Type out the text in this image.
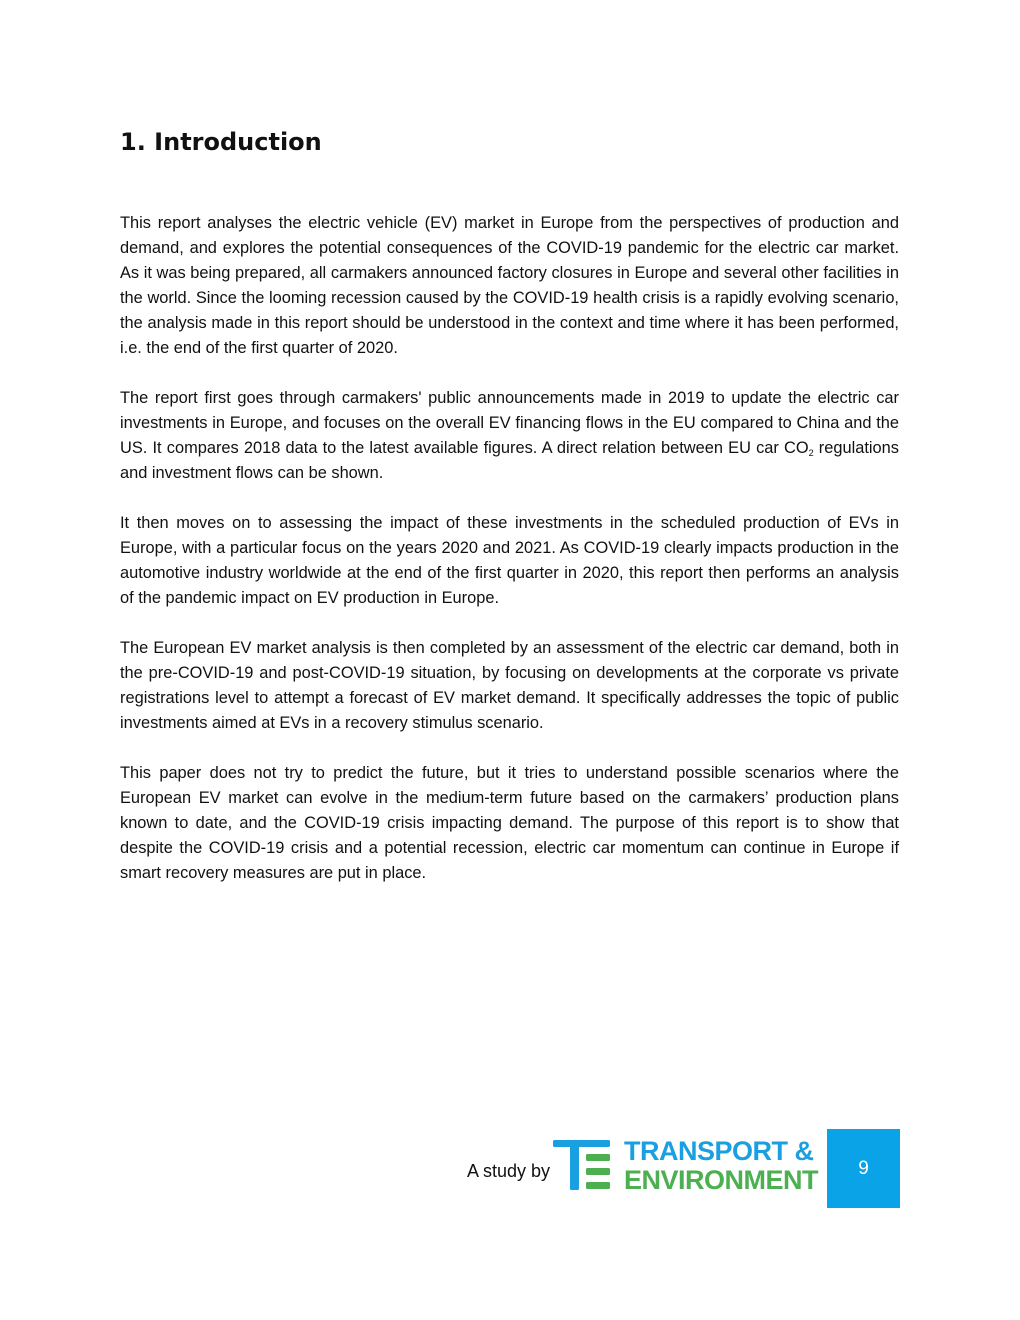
1. Introduction

This report analyses the electric vehicle (EV) market in Europe from the perspectives of production and demand, and explores the potential consequences of the COVID-19 pandemic for the electric car market. As it was being prepared, all carmakers announced factory closures in Europe and several other facilities in the world. Since the looming recession caused by the COVID-19 health crisis is a rapidly evolving scenario, the analysis made in this report should be understood in the context and time where it has been performed, i.e. the end of the first quarter of 2020.

The report first goes through carmakers' public announcements made in 2019 to update the electric car investments in Europe, and focuses on the overall EV financing flows in the EU compared to China and the US. It compares 2018 data to the latest available figures. A direct relation between EU car $CO_2$ regulations and investment flows can be shown.

It then moves on to assessing the impact of these investments in the scheduled production of EVs in Europe, with a particular focus on the years 2020 and 2021. As COVID-19 clearly impacts production in the automotive industry worldwide at the end of the first quarter in 2020, this report then performs an analysis of the pandemic impact on EV production in Europe.

The European EV market analysis is then completed by an assessment of the electric car demand, both in the pre-COVID-19 and post-COVID-19 situation, by focusing on developments at the corporate vs private registrations level to attempt a forecast of EV market demand. It specifically addresses the topic of public investments aimed at EVs in a recovery stimulus scenario.

This paper does not try to predict the future, but it tries to understand possible scenarios where the European EV market can evolve in the medium-term future based on the carmakers’ production plans known to date, and the COVID-19 crisis impacting demand. The purpose of this report is to show that despite the COVID-19 crisis and a potential recession, electric car momentum can continue in Europe if smart recovery measures are put in place.

A study by
TRANSPORT &
ENVIRONMENT	9
